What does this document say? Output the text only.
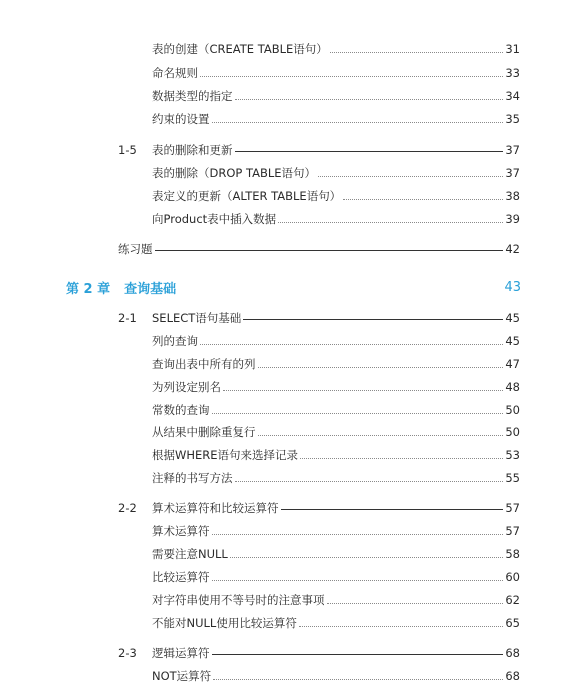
表的创建（CREATE TABLE语句）	31
命名规则	33
数据类型的指定	34
约束的设置	35
1-5	表的删除和更新	37
表的删除（DROP TABLE语句）	37
表定义的更新（ALTER TABLE语句）	38
向Product表中插入数据	39
练习题	42
第 2 章 查询基础	43
2-1	SELECT语句基础	45
列的查询	45
查询出表中所有的列	47
为列设定别名	48
常数的查询	50
从结果中删除重复行	50
根据WHERE语句来选择记录	53
注释的书写方法	55
2-2	算术运算符和比较运算符	57
算术运算符	57
需要注意NULL	58
比较运算符	60
对字符串使用不等号时的注意事项	62
不能对NULL使用比较运算符	65
2-3	逻辑运算符	68
NOT运算符	68
